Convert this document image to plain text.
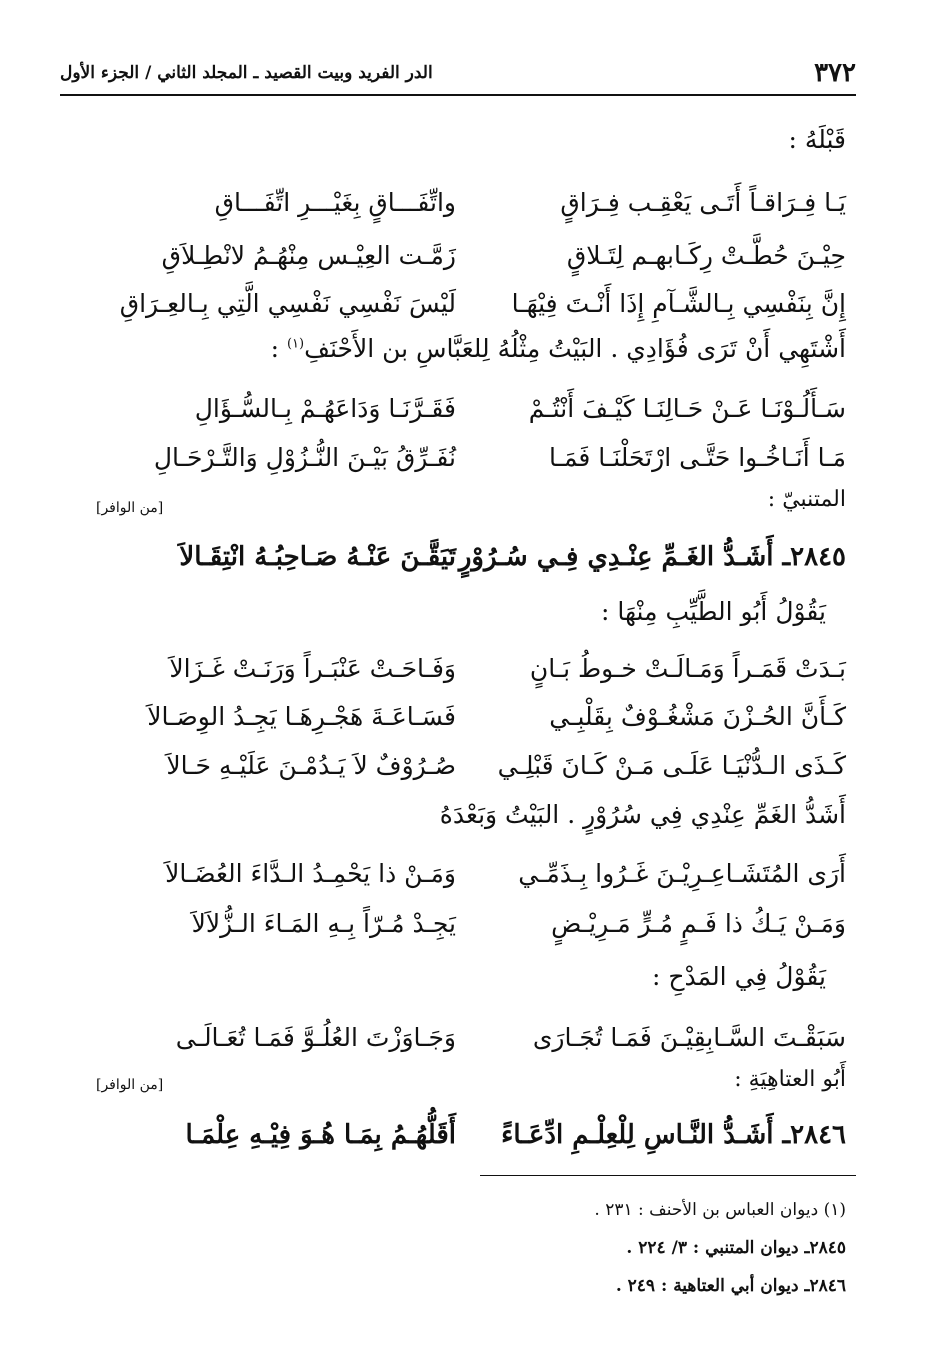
٣٧٢
الدر الفريد وبيت القصيد ـ المجلد الثاني / الجزء الأول
قَبْلَهُ :
يَـا فِـرَاقـاً أَتَـى يَعْقِـب فِـرَاقٍ
واتِّفَـــاقٍ بِغَيْـــرِ اتِّفَـــاقِ
حِيْـنَ حُطَّـتْ رِكَـابهـم لِتَـلاقٍ
زَمَّـت العِيْـس مِنْهُـمُ لانْطِـلاَقِ
إِنَّ بِنَفْسِي بِـالشَّـآمِ إِذَا أَنْـتَ فِيْهَـا
لَيْسَ نَفْسِي نَفْسِي الَّتِي بِـالعِـرَاقِ
أَشْتَهِي أَنْ تَرَى فُؤَادِي . البَيْتُ مِثْلُهُ لِلعَبَّاسِ بن الأَحْنَفِ$^{(١)}$ :
سَـأَلُـوْنَـا عَـنْ حَـالِنَـا كَيْـفَ أَنْتُـمْ
فَقَـرَّنَـا وَدَاعَهُـمْ بِـالسُّـؤَالِ
مَـا أَنَـاخُـوا حَتَّـى ارْتَحَلْنَـا فَمَـا
نُفَـرِّقُ بَيْـنَ النُّـزُوْلِ وَالتَّـرْحَـالِ
المتنبيّ :
[من الوافر]
٢٨٤٥ـ أَشَـدُّ الغَـمِّ عِنْـدِي فِـي سُـرُوْرٍ
تَيَقَّـنَ عَنْـهُ صَـاحِبُـهُ انْتِقَـالاَ
يَقُوْلُ أَبُو الطَّيِّبِ مِنْهَا :
بَـدَتْ قَمَـراً وَمَـالَـتْ خـوطُ بَـانٍ
وَفَـاحَـتْ عَنْبَـراً وَرَنَـتْ غَـزَالاَ
كَـأَنَّ الحُـزْنَ مَشْغُـوْفٌ بِقَلْبِـي
فَسَـاعَـةَ هَجْـرِهَـا يَجِـدُ الوِصَـالاَ
كَـذَى الـدُّنْيَـا عَلَـى مَـنْ كَـانَ قَبْلِـي
صُـرُوْفٌ لاَ يَـدُمْـنَ عَلَيْـهِ حَـالاَ
أَشَدُّ الغَمِّ عِنْدِي فِي سُرُوْرٍ . البَيْتُ وَبَعْدَهُ
أَرَى المُتَشَـاعِـرِيْـنَ غَـرُوا بِـذَمِّـي
وَمَـنْ ذا يَحْمِـدُ الـدَّاءَ العُضَـالاَ
وَمَـنْ يَـكُ ذا فَـمٍ مُـرٍّ مَـرِيْـضٍ
يَجِـدْ مُـرّاً بِـهِ المَـاءَ الـزُّلاَلاَ
يَقُوْلُ فِي المَدْحِ :
سَبَقْـتَ السَّـابِقِيْـنَ فَمَـا تُجَـارَى
وَجَـاوَزْتَ العُلُـوَّ فَمَـا تُعَـالَـى
أَبُو العتاهِيَةِ :
[من الوافر]
٢٨٤٦ـ أَشَـدُّ النَّـاسِ لِلْعِلْـمِ ادِّعَـاءً
أَقَلُّهُـمُ بِمَـا هُـوَ فِيْـهِ عِلْمَـا
(١) ديوان العباس بن الأحنف : ٢٣١ .
٢٨٤٥ـ ديوان المتنبي : ٣/ ٢٢٤ .
٢٨٤٦ـ ديوان أبي العتاهية : ٢٤٩ .
